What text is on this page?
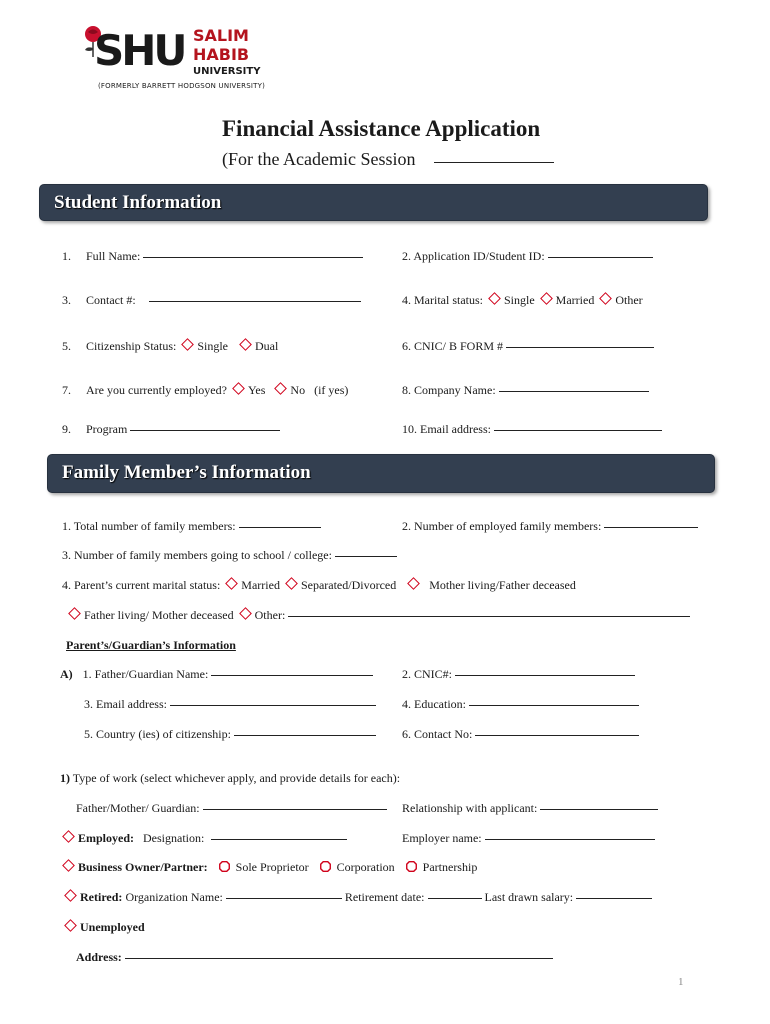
SHU SALIM
HABIB
UNIVERSITY
(FORMERLY BARRETT HODGSON UNIVERSITY)
Financial Assistance Application
(For the Academic Session
Student Information
1. Full Name:	2. Application ID/Student ID:
3. Contact #:	4. Marital status: Single Married Other
5. Citizenship Status: Single Dual	6. CNIC/ B FORM #
7. Are you currently employed? Yes No (if yes)	8. Company Name:
9. Program	10. Email address:
Family Member’s Information
1. Total number of family members:	2. Number of employed family members:
3. Number of family members going to school / college:
4. Parent’s current marital status: Married Separated/Divorced	Mother living/Father deceased
Father living/ Mother deceased Other:
Parent’s/Guardian’s Information
A) 1. Father/Guardian Name:	2. CNIC#:
3. Email address:	4. Education:
5. Country (ies) of citizenship:	6. Contact No:
1) Type of work (select whichever apply, and provide details for each):
Father/Mother/ Guardian:	Relationship with applicant:
Employed: Designation:	Employer name:
Business Owner/Partner: Sole Proprietor Corporation Partnership
Retired: Organization Name:	Retirement date:	Last drawn salary:
Unemployed
Address:
1
